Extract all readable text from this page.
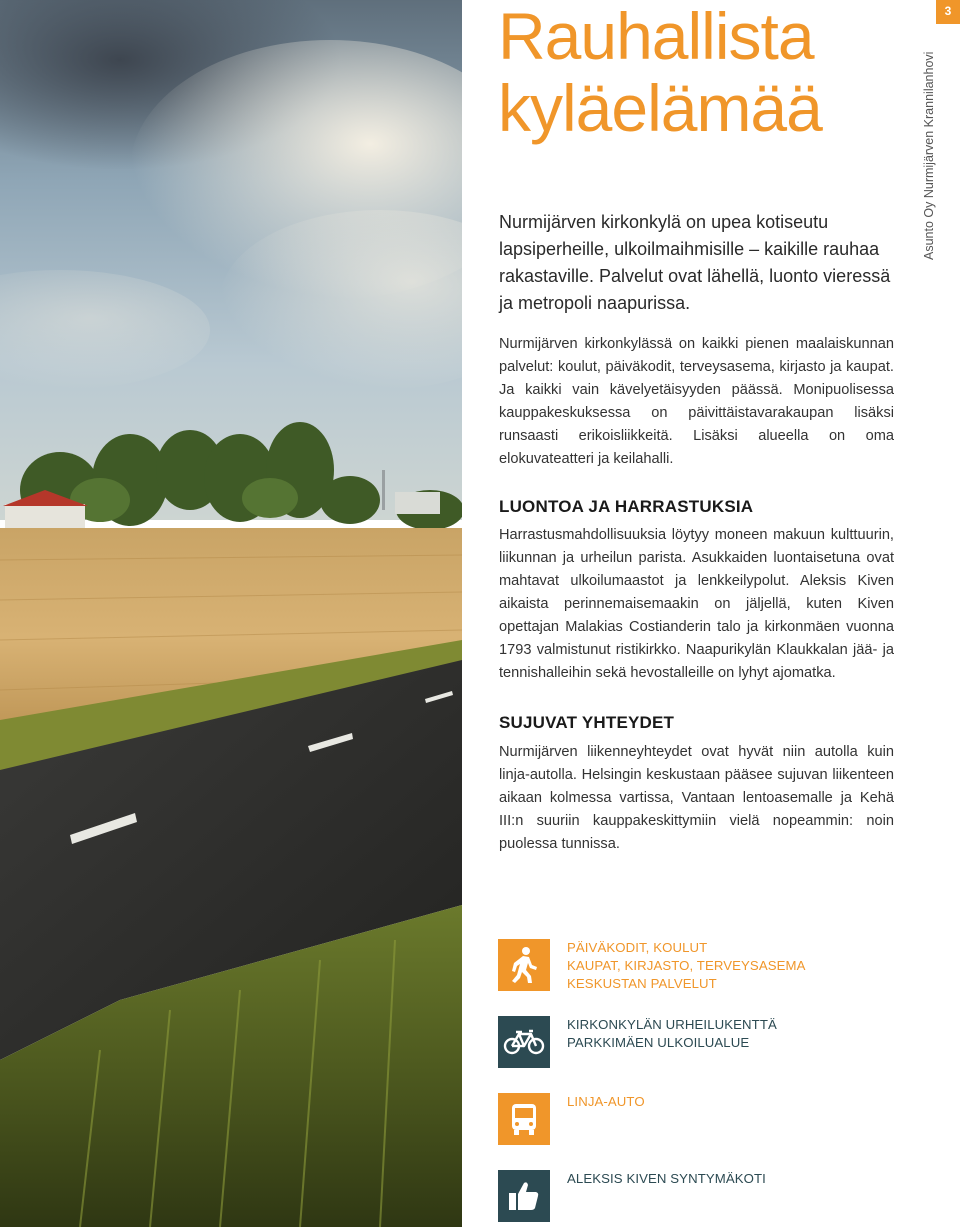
Rauhallista
kyläelämää
3
Asunto Oy Nurmijärven Krannilanhovi

Nurmijärven kirkonkylä on upea kotiseutu lapsiperheille, ulkoilmaihmisille – kaikille rauhaa rakastaville. Palvelut ovat lähellä, luonto vieressä ja metropoli naapurissa.

Nurmijärven kirkonkylässä on kaikki pienen maalaiskunnan palvelut: koulut, päiväkodit, terveysasema, kirjasto ja kaupat. Ja kaikki vain kävelyetäisyyden päässä. Monipuolisessa kauppakeskuksessa on päivittäistavarakaupan lisäksi runsaasti erikoisliikkeitä. Lisäksi alueella on oma elokuvateatteri ja keilahalli.

LUONTOA JA HARRASTUKSIA

Harrastusmahdollisuuksia löytyy moneen makuun kulttuurin, liikunnan ja urheilun parista. Asukkaiden luontaisetuna ovat mahtavat ulkoilumaastot ja lenkkeilypolut. Aleksis Kiven aikaista perinnemaisemaakin on jäljellä, kuten Kiven opettajan Malakias Costianderin talo ja kirkonmäen vuonna 1793 valmistunut ristikirkko. Naapurikylän Klaukkalan jää- ja tennishalleihin sekä hevostalleille on lyhyt ajomatka.

SUJUVAT YHTEYDET

Nurmijärven liikenneyhteydet ovat hyvät niin autolla kuin linja-autolla. Helsingin keskustaan pääsee sujuvan liikenteen aikaan kolmessa vartissa, Vantaan lentoasemalle ja Kehä III:n suuriin kauppakeskittymiin vielä nopeammin: noin puolessa tunnissa.

PÄIVÄKODIT, KOULUT
KAUPAT, KIRJASTO, TERVEYSASEMA
KESKUSTAN PALVELUT

KIRKONKYLÄN URHEILUKENTTÄ
PARKKIMÄEN ULKOILUALUE

LINJA-AUTO

ALEKSIS KIVEN SYNTYMÄKOTI
